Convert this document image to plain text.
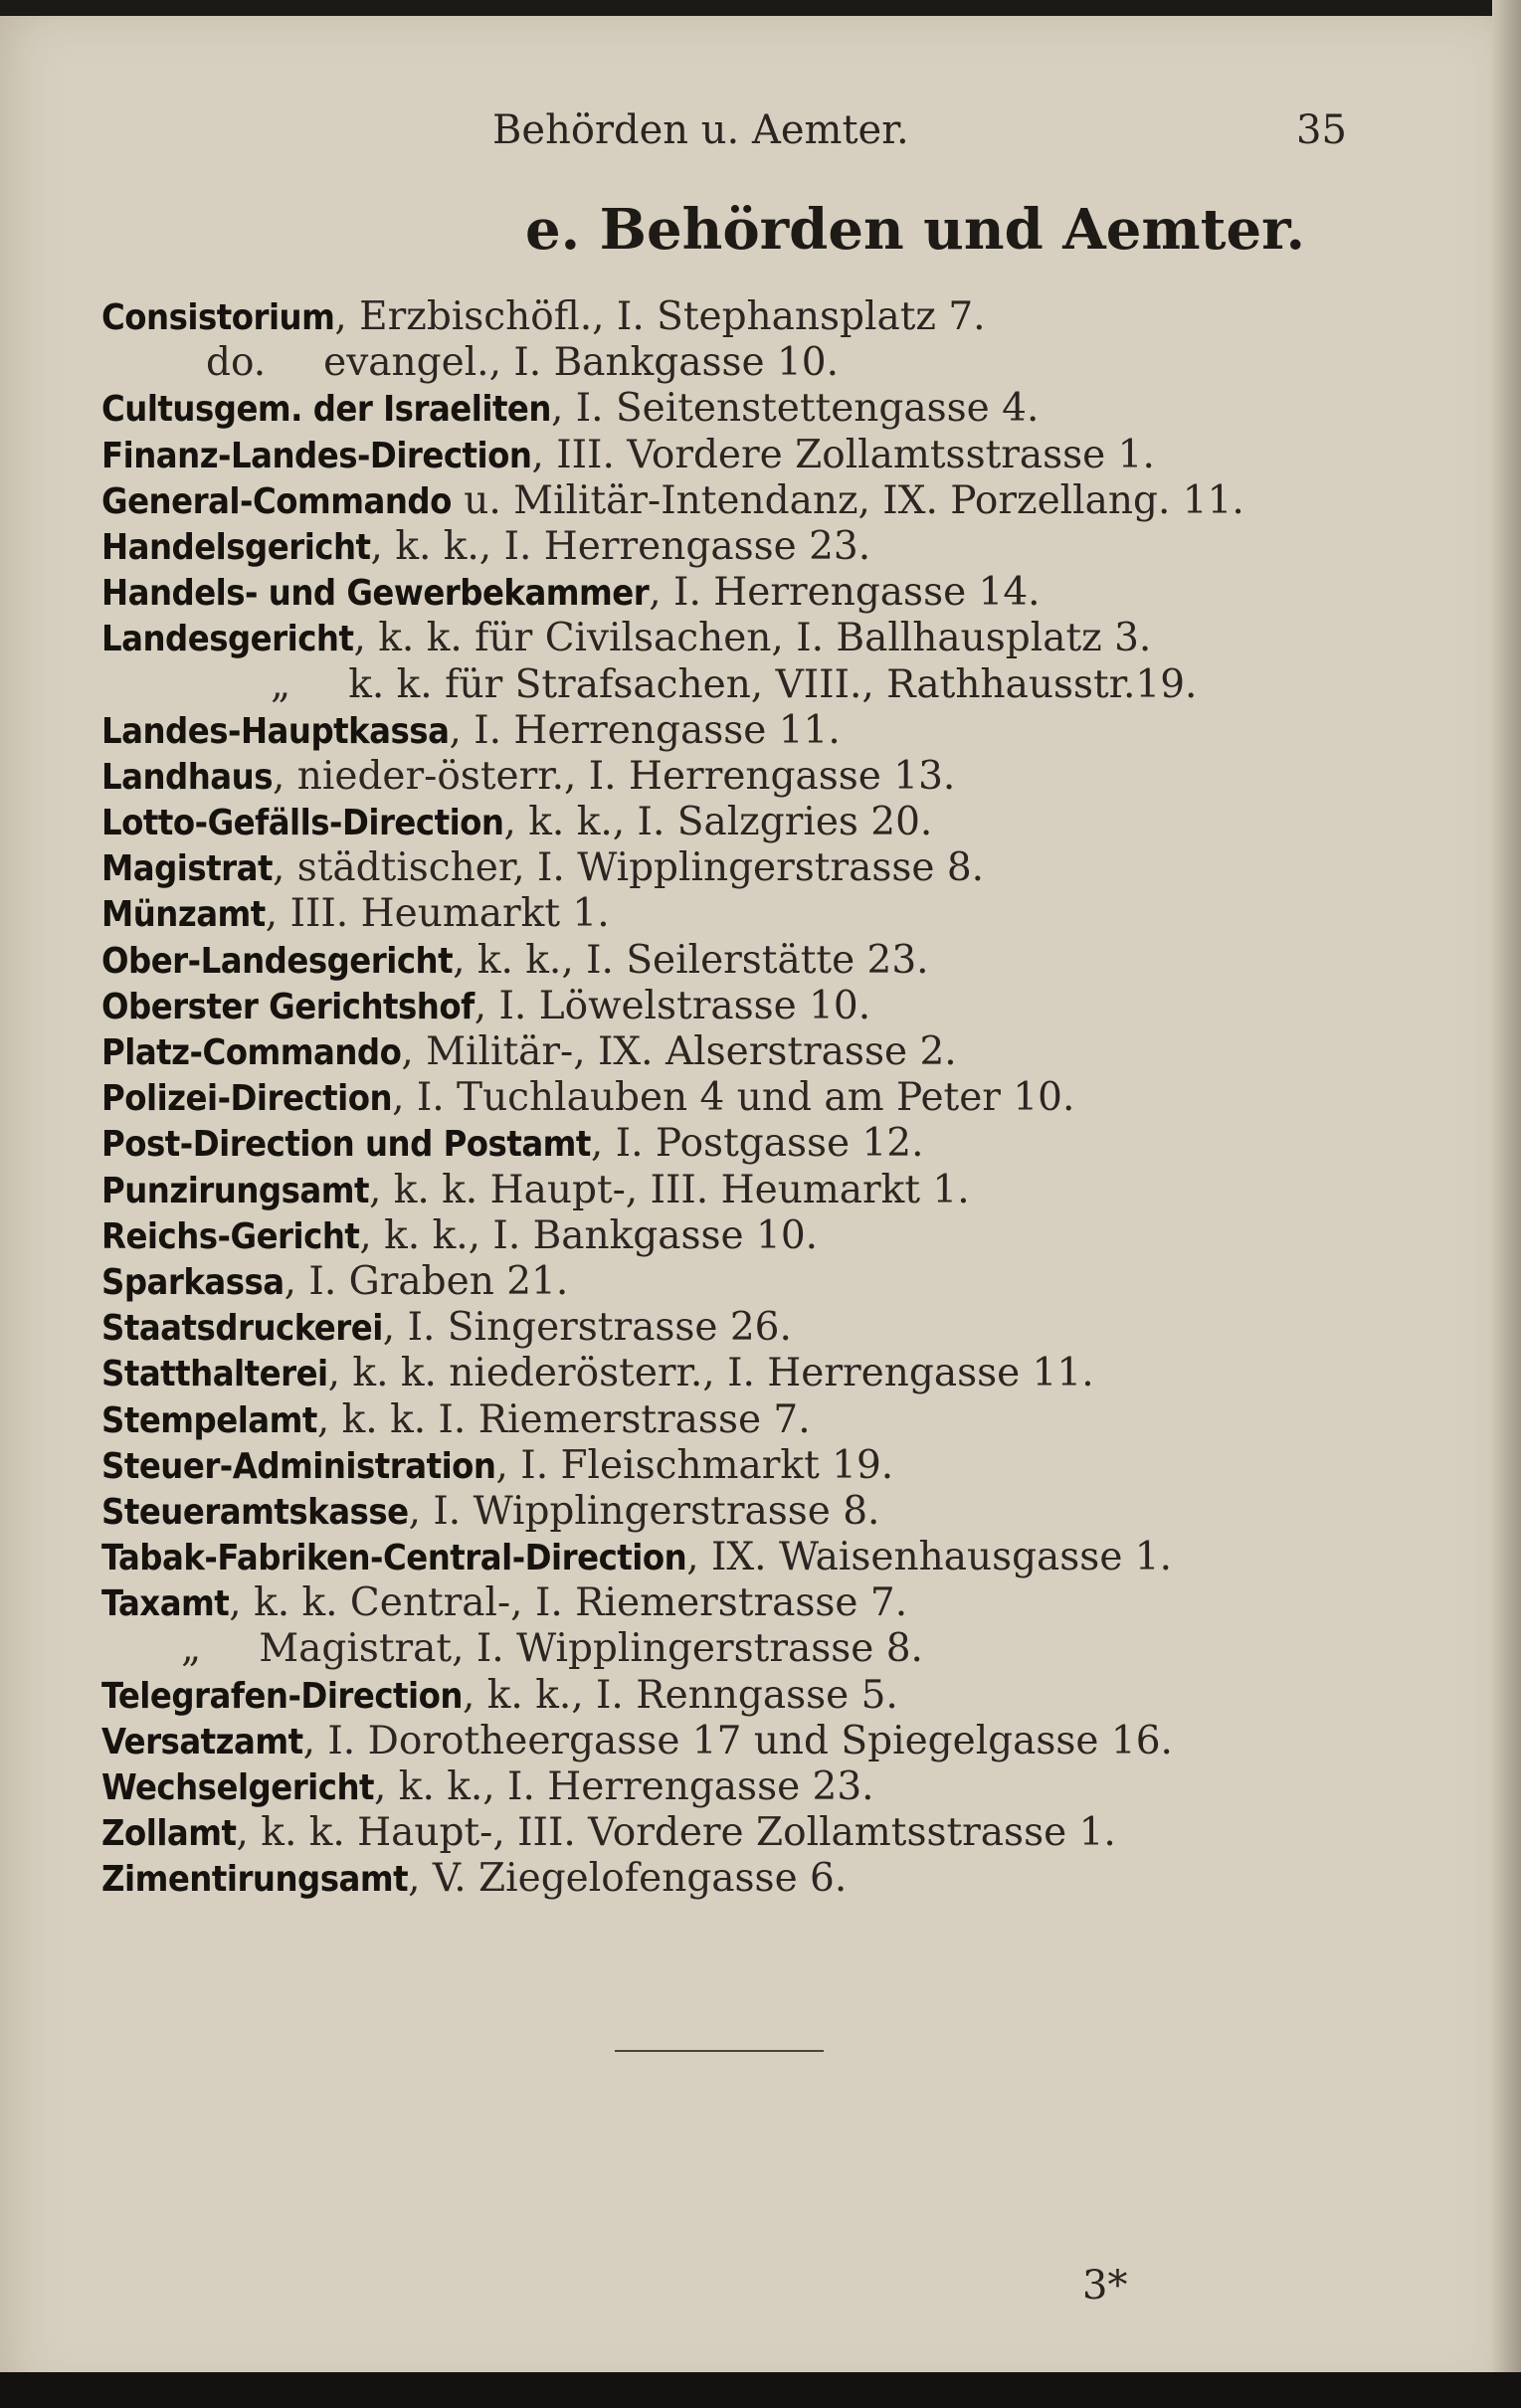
Behörden u. Aemter.	35
e. Behörden und Aemter.
Consistorium, Erzbischöfl., I. Stephansplatz 7.
do. evangel., I. Bankgasse 10.
Cultusgem. der Israeliten, I. Seitenstettengasse 4.
Finanz-Landes-Direction, III. Vordere Zollamtsstrasse 1.
General-Commando u. Militär-Intendanz, IX. Porzellang. 11.
Handelsgericht, k. k., I. Herrengasse 23.
Handels- und Gewerbekammer, I. Herrengasse 14.
Landesgericht, k. k. für Civilsachen, I. Ballhausplatz 3.
„ k. k. für Strafsachen, VIII., Rathhausstr.19.
Landes-Hauptkassa, I. Herrengasse 11.
Landhaus, nieder-österr., I. Herrengasse 13.
Lotto-Gefälls-Direction, k. k., I. Salzgries 20.
Magistrat, städtischer, I. Wipplingerstrasse 8.
Münzamt, III. Heumarkt 1.
Ober-Landesgericht, k. k., I. Seilerstätte 23.
Oberster Gerichtshof, I. Löwelstrasse 10.
Platz-Commando, Militär-, IX. Alserstrasse 2.
Polizei-Direction, I. Tuchlauben 4 und am Peter 10.
Post-Direction und Postamt, I. Postgasse 12.
Punzirungsamt, k. k. Haupt-, III. Heumarkt 1.
Reichs-Gericht, k. k., I. Bankgasse 10.
Sparkassa, I. Graben 21.
Staatsdruckerei, I. Singerstrasse 26.
Statthalterei, k. k. niederösterr., I. Herrengasse 11.
Stempelamt, k. k. I. Riemerstrasse 7.
Steuer-Administration, I. Fleischmarkt 19.
Steueramtskasse, I. Wipplingerstrasse 8.
Tabak-Fabriken-Central-Direction, IX. Waisenhausgasse 1.
Taxamt, k. k. Central-, I. Riemerstrasse 7.
„ Magistrat, I. Wipplingerstrasse 8.
Telegrafen-Direction, k. k., I. Renngasse 5.
Versatzamt, I. Dorotheergasse 17 und Spiegelgasse 16.
Wechselgericht, k. k., I. Herrengasse 23.
Zollamt, k. k. Haupt-, III. Vordere Zollamtsstrasse 1.
Zimentirungsamt, V. Ziegelofengasse 6.
3*
